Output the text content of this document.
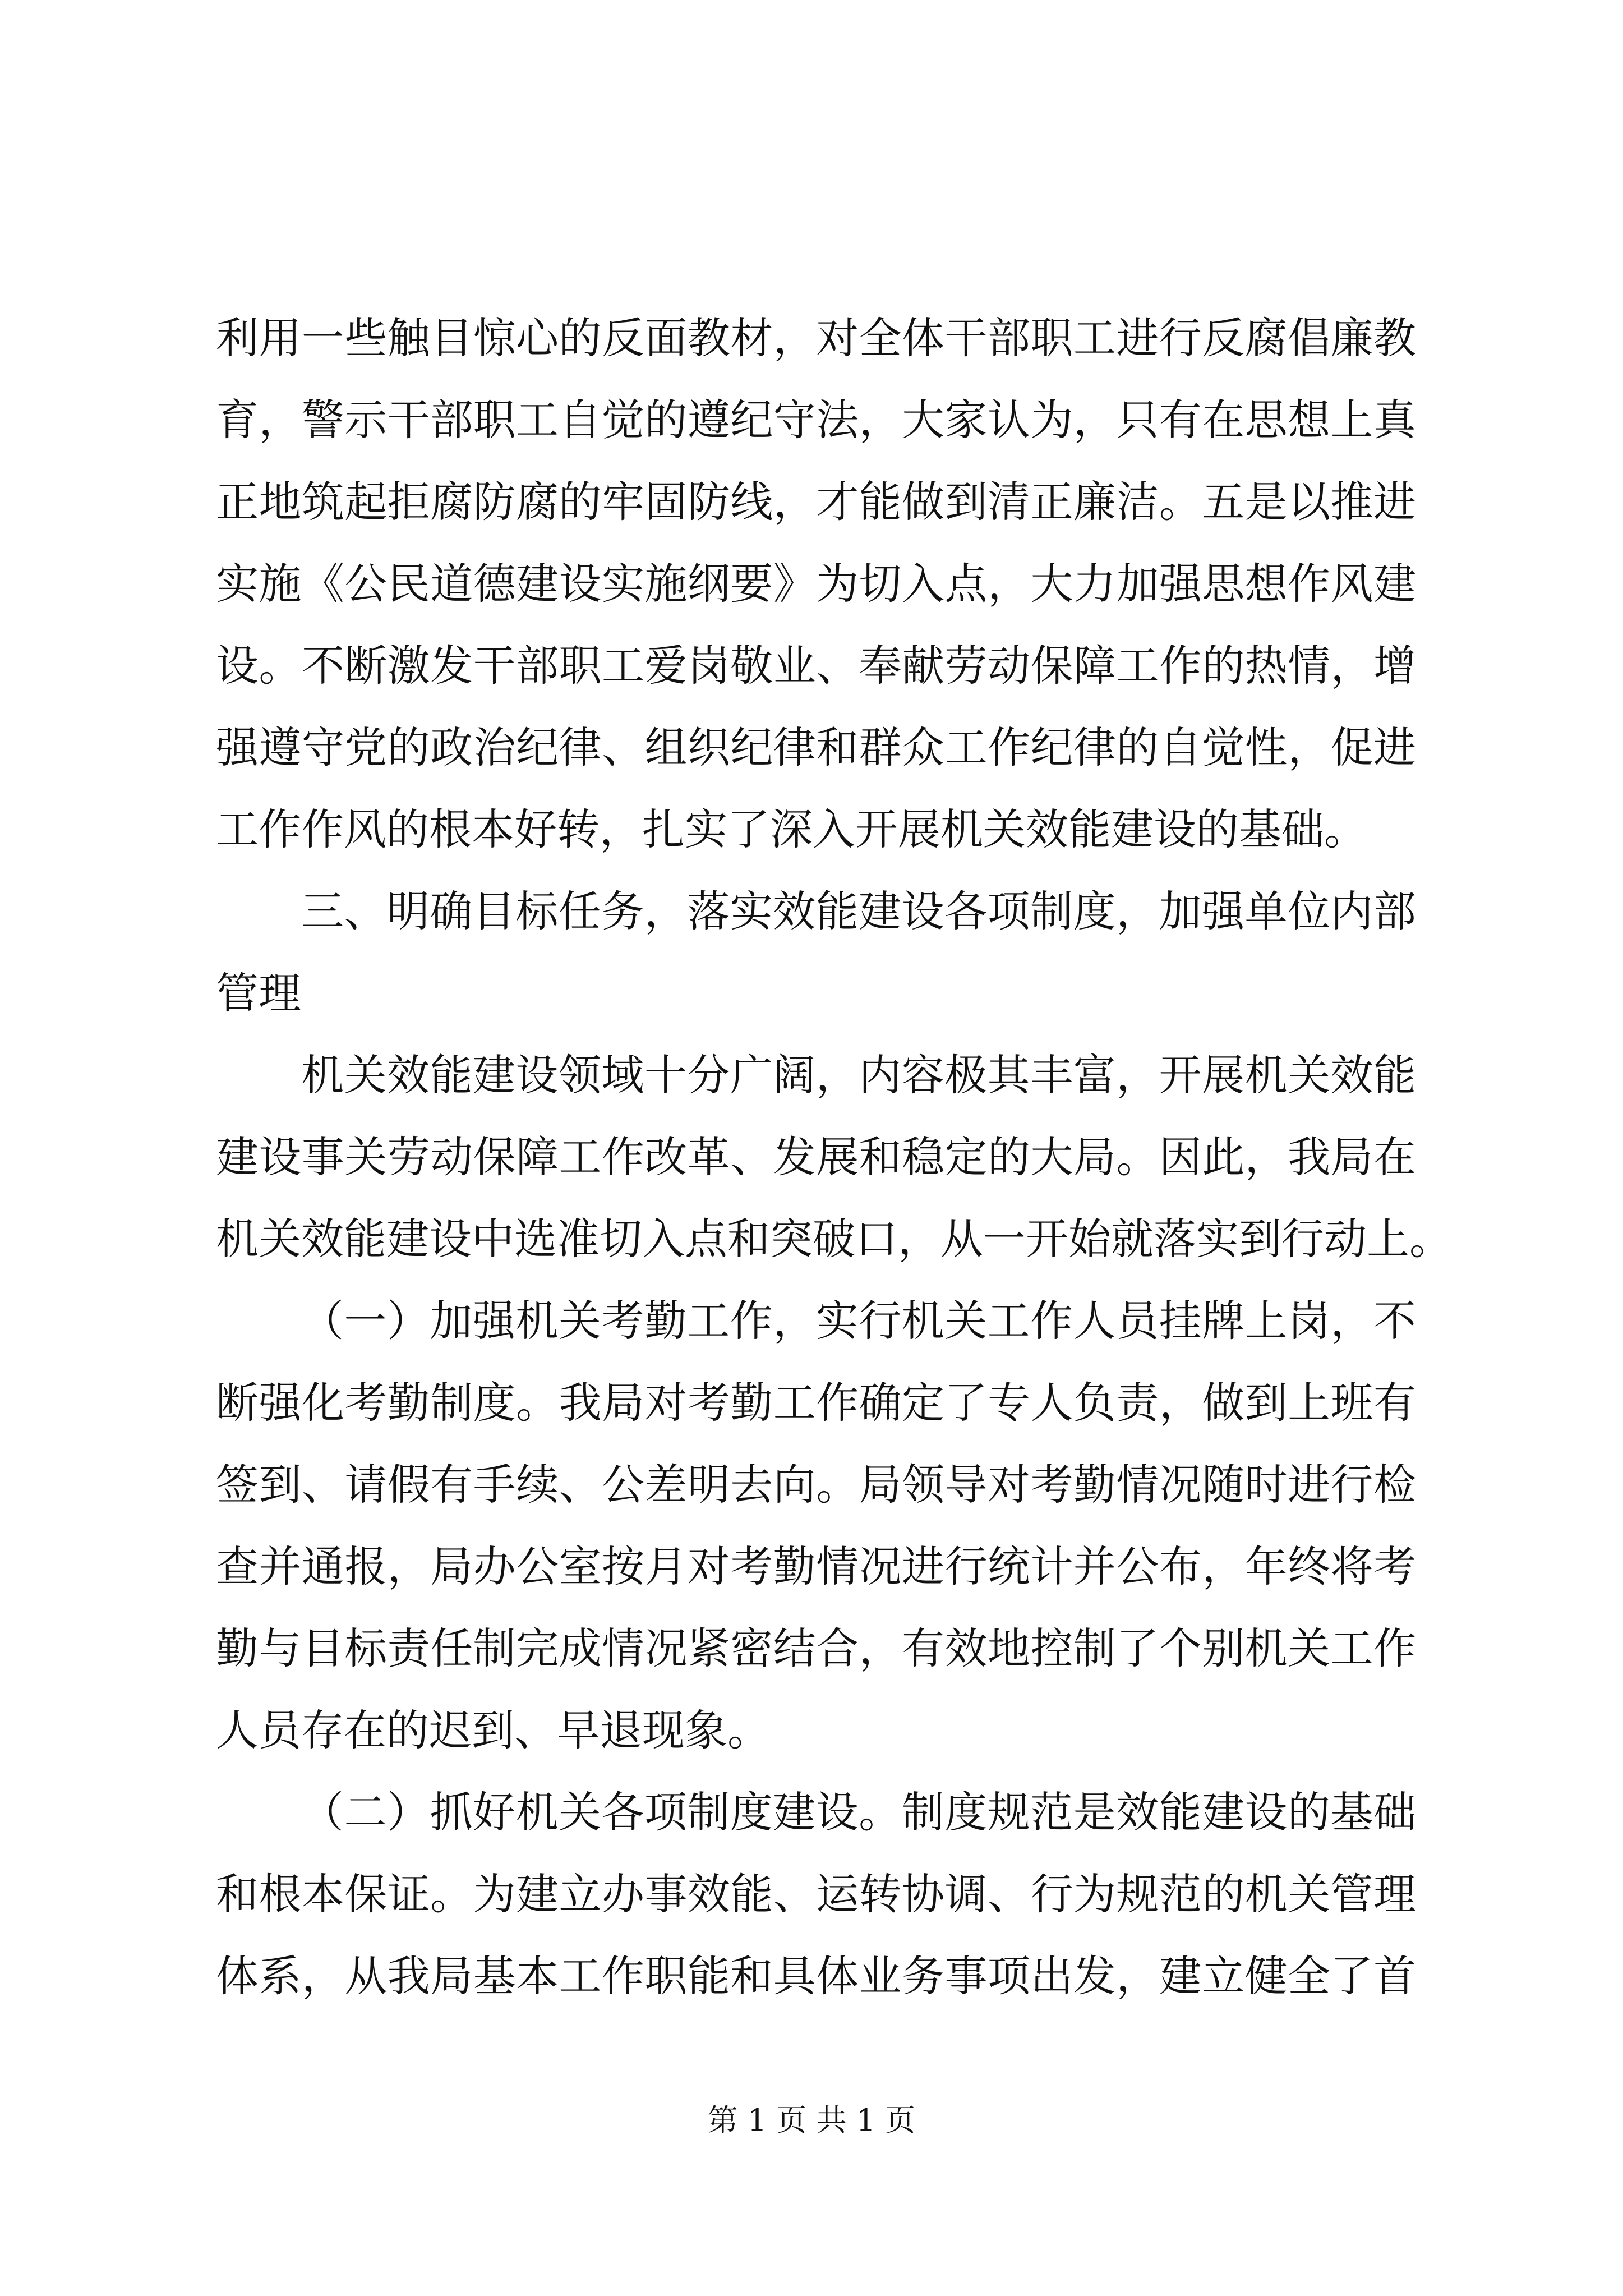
利用一些触目惊心的反面教材，对全体干部职工进行反腐倡廉教
育，警示干部职工自觉的遵纪守法，大家认为，只有在思想上真
正地筑起拒腐防腐的牢固防线，才能做到清正廉洁。五是以推进
实施《公民道德建设实施纲要》为切入点，大力加强思想作风建
设。不断激发干部职工爱岗敬业、奉献劳动保障工作的热情，增
强遵守党的政治纪律、组织纪律和群众工作纪律的自觉性，促进
工作作风的根本好转，扎实了深入开展机关效能建设的基础。

三、明确目标任务，落实效能建设各项制度，加强单位内部
管理

机关效能建设领域十分广阔，内容极其丰富，开展机关效能
建设事关劳动保障工作改革、发展和稳定的大局。因此，我局在
机关效能建设中选准切入点和突破口，从一开始就落实到行动上。

（一）加强机关考勤工作，实行机关工作人员挂牌上岗，不
断强化考勤制度。我局对考勤工作确定了专人负责，做到上班有
签到、请假有手续、公差明去向。局领导对考勤情况随时进行检
查并通报，局办公室按月对考勤情况进行统计并公布，年终将考
勤与目标责任制完成情况紧密结合，有效地控制了个别机关工作
人员存在的迟到、早退现象。

（二）抓好机关各项制度建设。制度规范是效能建设的基础
和根本保证。为建立办事效能、运转协调、行为规范的机关管理
体系，从我局基本工作职能和具体业务事项出发，建立健全了首

第 1 页 共 1 页
